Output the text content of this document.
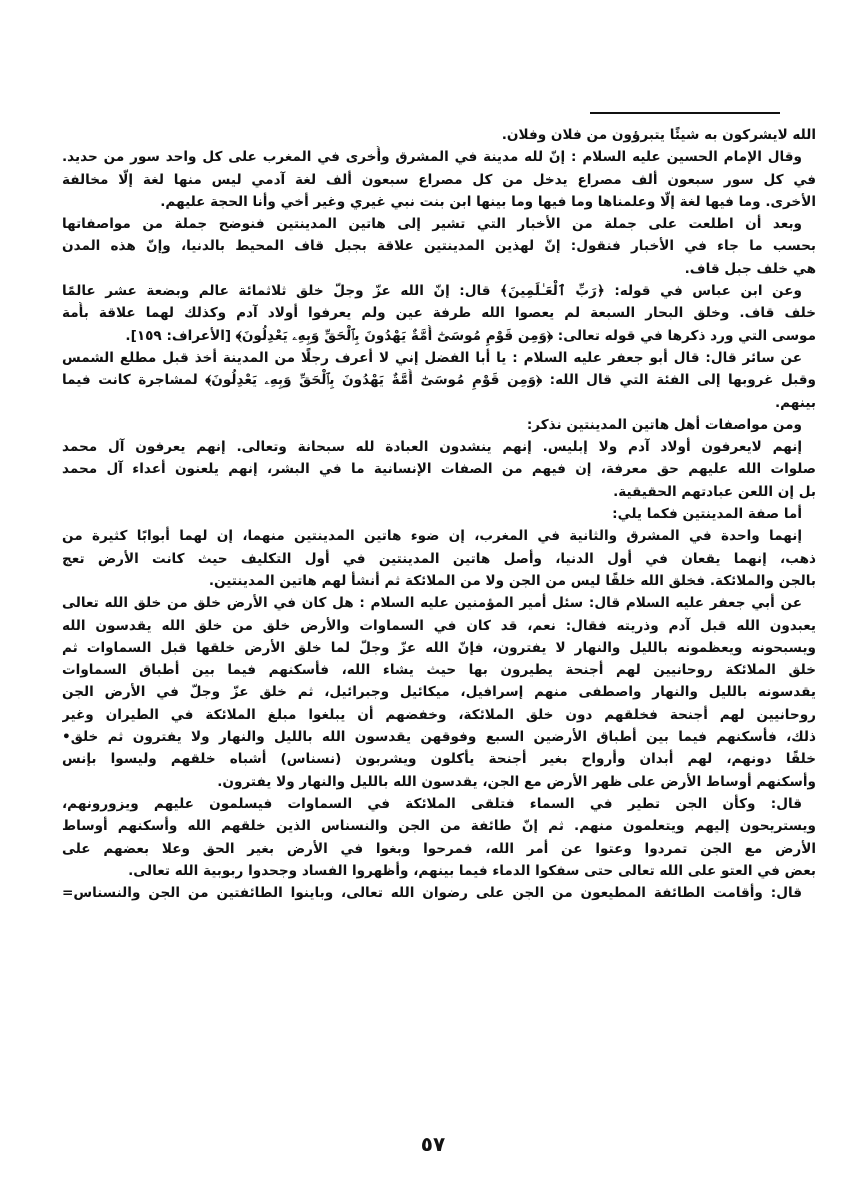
الله لايشركون به شيئًا يتبرؤون من فلان وفلان.
وقال الإمام الحسين عليه السلام : إنّ لله مدينة في المشرق وأُخرى في المغرب على كل واحد سور من حديد.
في كل سور سبعون ألف مصراع يدخل من كل مصراع سبعون ألف لغة آدمي ليس منها لغة إلّا مخالفة
الأخرى. وما فيها لغة إلّا وعلمناها وما فيها وما بينها ابن بنت نبي غيري وغير أخي وأنا الحجة عليهم.
وبعد أن اطلعت على جملة من الأخبار التي تشير إلى هاتين المدينتين فنوضح جملة من مواصفاتها
بحسب ما جاء في الأخبار فنقول: إنّ لهذين المدينتين علاقة بجبل قاف المحيط بالدنيا، وإنّ هذه المدن
هي خلف جبل قاف.
وعن ابن عباس في قوله: ﴿رَبِّ ٱلْعَـٰلَمِينَ﴾ قال: إنّ الله عزّ وجلّ خلق ثلاثمائة عالم وبضعة عشر عالمًا
خلف قاف. وخلق البحار السبعة لم يعصوا الله طرفة عين ولم يعرفوا أولاد آدم وكذلك لهما علاقة بأُمة
موسى التي ورد ذكرها في قوله تعالى: ﴿وَمِن قَوْمِ مُوسَىٰٓ أُمَّةٌ يَهْدُونَ بِٱلْحَقِّ وَبِهِۦ يَعْدِلُونَ﴾ [الأعراف: ١٥٩].
عن سائر قال: قال أبو جعفر عليه السلام : يا أبا الفضل إني لا أعرف رجلًا من المدينة أخذ قبل مطلع الشمس
وقبل غروبها إلى الفئة التي قال الله: ﴿وَمِن قَوْمِ مُوسَىٰٓ أُمَّةٌ يَهْدُونَ بِٱلْحَقِّ وَبِهِۦ يَعْدِلُونَ﴾ لمشاجرة كانت فيما
بينهم.
ومن مواصفات أهل هاتين المدينتين نذكر:
إنهم لايعرفون أولاد آدم ولا إبليس. إنهم ينشدون العبادة لله سبحانة وتعالى. إنهم يعرفون آل محمد
صلوات الله عليهم حق معرفة، إن فيهم من الصفات الإنسانية ما في البشر، إنهم يلعنون أعداء آل محمد
بل إن اللعن عبادتهم الحقيقية.
أما صفة المدينتين فكما يلي:
إنهما واحدة في المشرق والثانية في المغرب، إن ضوء هاتين المدينتين منهما، إن لهما أبوابًا كثيرة من
ذهب، إنهما يقعان في أول الدنيا، وأصل هاتين المدينتين في أول التكليف حيث كانت الأرض تعج
بالجن والملائكة. فخلق الله خلقًا ليس من الجن ولا من الملائكة ثم أنشأ لهم هاتين المدينتين.
عن أبي جعفر عليه السلام قال: سئل أمير المؤمنين عليه السلام : هل كان في الأرض خلق من خلق الله تعالى
يعبدون الله قبل آدم وذريته فقال: نعم، قد كان في السماوات والأرض خلق من خلق الله يقدسون الله
ويسبحونه ويعظمونه بالليل والنهار لا يفترون، فإنّ الله عزّ وجلّ لما خلق الأرض خلقها قبل السماوات ثم
خلق الملائكة روحانيين لهم أجنحة يطيرون بها حيث يشاء الله، فأسكنهم فيما بين أطباق السماوات
يقدسونه بالليل والنهار واصطفى منهم إسرافيل، ميكائيل وجبرائيل، ثم خلق عزّ وجلّ في الأرض الجن
روحانيين لهم أجنحة فخلقهم دون خلق الملائكة، وخفضهم أن يبلغوا مبلغ الملائكة في الطيران وغير
ذلك، فأسكنهم فيما بين أطباق الأرضين السبع وفوقهن يقدسون الله بالليل والنهار ولا يفترون ثم خلق•
خلقًا دونهم، لهم أبدان وأرواح بغير أجنحة يأكلون ويشربون (نسناس) أشباه خلقهم وليسوا بإنس
وأسكنهم أوساط الأرض على ظهر الأرض مع الجن، يقدسون الله بالليل والنهار ولا يفترون.
قال: وكأن الجن تطير في السماء فتلقى الملائكة في السماوات فيسلمون عليهم ويزورونهم،
ويستريحون إليهم ويتعلمون منهم. ثم إنّ طائفة من الجن والنسناس الذين خلقهم الله وأسكنهم أوساط
الأرض مع الجن تمردوا وعتوا عن أمر الله، فمرحوا وبغوا في الأرض بغير الحق وعلا بعضهم على
بعض في العتو على الله تعالى حتى سفكوا الدماء فيما بينهم، وأظهروا الفساد وجحدوا ربوبية الله تعالى.
قال: وأقامت الطائفة المطيعون من الجن على رضوان الله تعالى، وباينوا الطائفتين من الجن والنسناس=
٥٧
